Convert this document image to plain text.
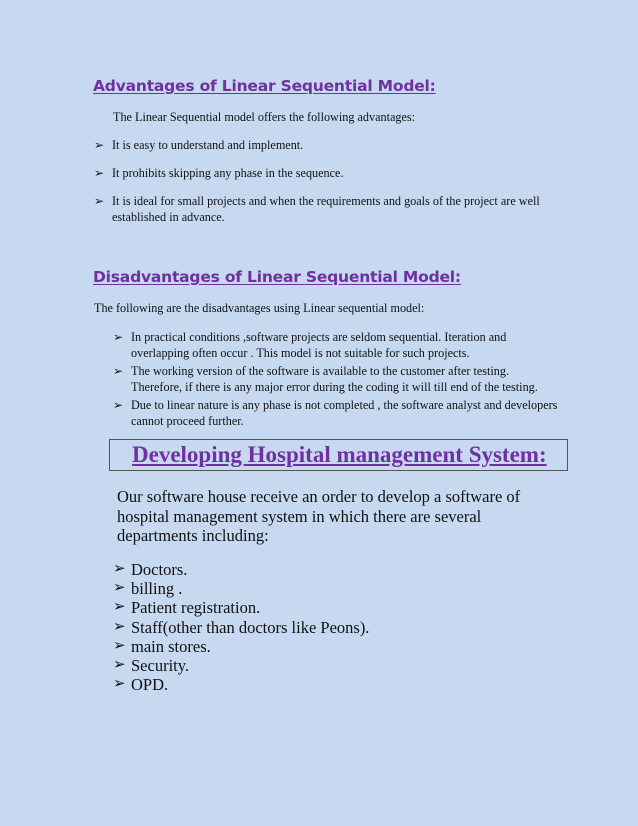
Advantages of Linear Sequential Model:

The Linear Sequential model offers the following advantages:

➢ It is easy to understand and implement.
➢ It prohibits skipping any phase in the sequence.
➢ It is ideal for small projects and when the requirements and goals of the project are well established in advance.
Disadvantages of Linear Sequential Model:

The following are the disadvantages using Linear sequential model:

➢ In practical conditions ,software projects are seldom sequential. Iteration and overlapping often occur . This model is not suitable for such projects.
➢ The working version of the software is available to the customer after testing. Therefore, if there is any major error during the coding it will till end of the testing.
➢ Due to linear nature is any phase is not completed , the software analyst and developers cannot proceed further.
Developing Hospital management System:

Our software house receive an order to develop a software of hospital management system in which there are several departments including:

➢ Doctors.
➢ billing .
➢ Patient registration.
➢ Staff(other than doctors like Peons).
➢ main stores.
➢ Security.
➢ OPD.
